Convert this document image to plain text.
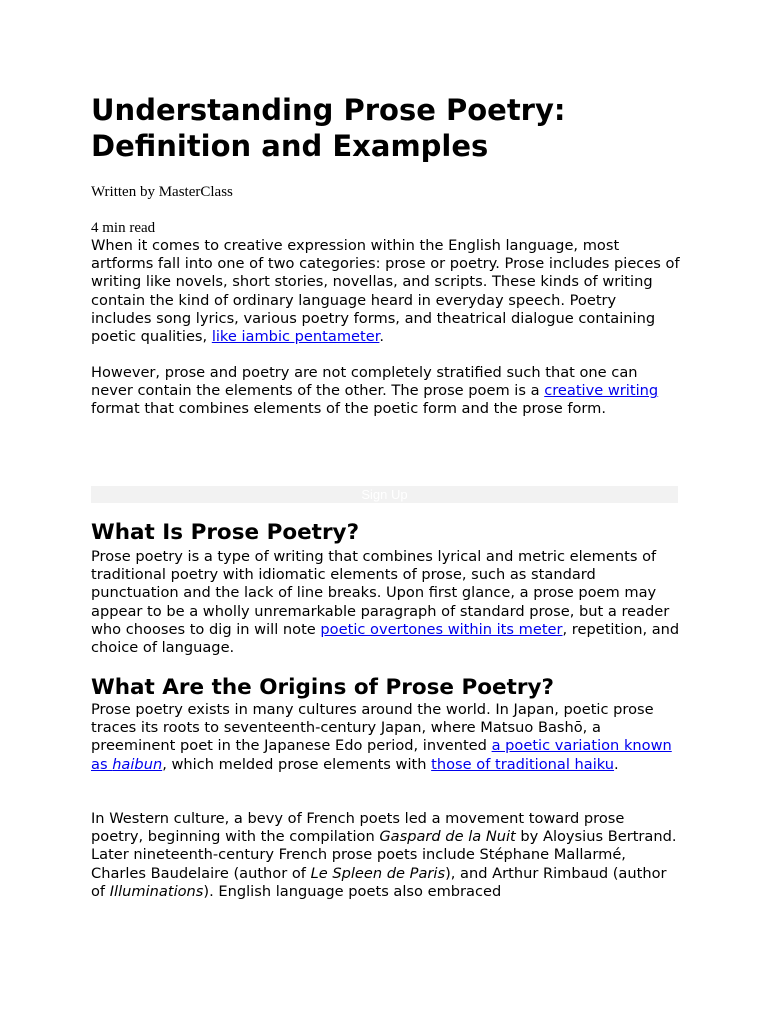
Understanding Prose Poetry:
Definition and Examples

Written by MasterClass

4 min read

When it comes to creative expression within the English language, most artforms fall into one of two categories: prose or poetry. Prose includes pieces of writing like novels, short stories, novellas, and scripts. These kinds of writing contain the kind of ordinary language heard in everyday speech. Poetry includes song lyrics, various poetry forms, and theatrical dialogue containing poetic qualities, like iambic pentameter.

However, prose and poetry are not completely stratified such that one can never contain the elements of the other. The prose poem is a creative writing format that combines elements of the poetic form and the prose form.

Sign Up
What Is Prose Poetry?

Prose poetry is a type of writing that combines lyrical and metric elements of traditional poetry with idiomatic elements of prose, such as standard punctuation and the lack of line breaks. Upon first glance, a prose poem may appear to be a wholly unremarkable paragraph of standard prose, but a reader who chooses to dig in will note poetic overtones within its meter, repetition, and choice of language.

What Are the Origins of Prose Poetry?

Prose poetry exists in many cultures around the world. In Japan, poetic prose traces its roots to seventeenth-century Japan, where Matsuo Bashō, a preeminent poet in the Japanese Edo period, invented a poetic variation known as haibun, which melded prose elements with those of traditional haiku.

In Western culture, a bevy of French poets led a movement toward prose poetry, beginning with the compilation Gaspard de la Nuit by Aloysius Bertrand. Later nineteenth-century French prose poets include Stéphane Mallarmé, Charles Baudelaire (author of Le Spleen de Paris), and Arthur Rimbaud (author of Illuminations). English language poets also embraced
